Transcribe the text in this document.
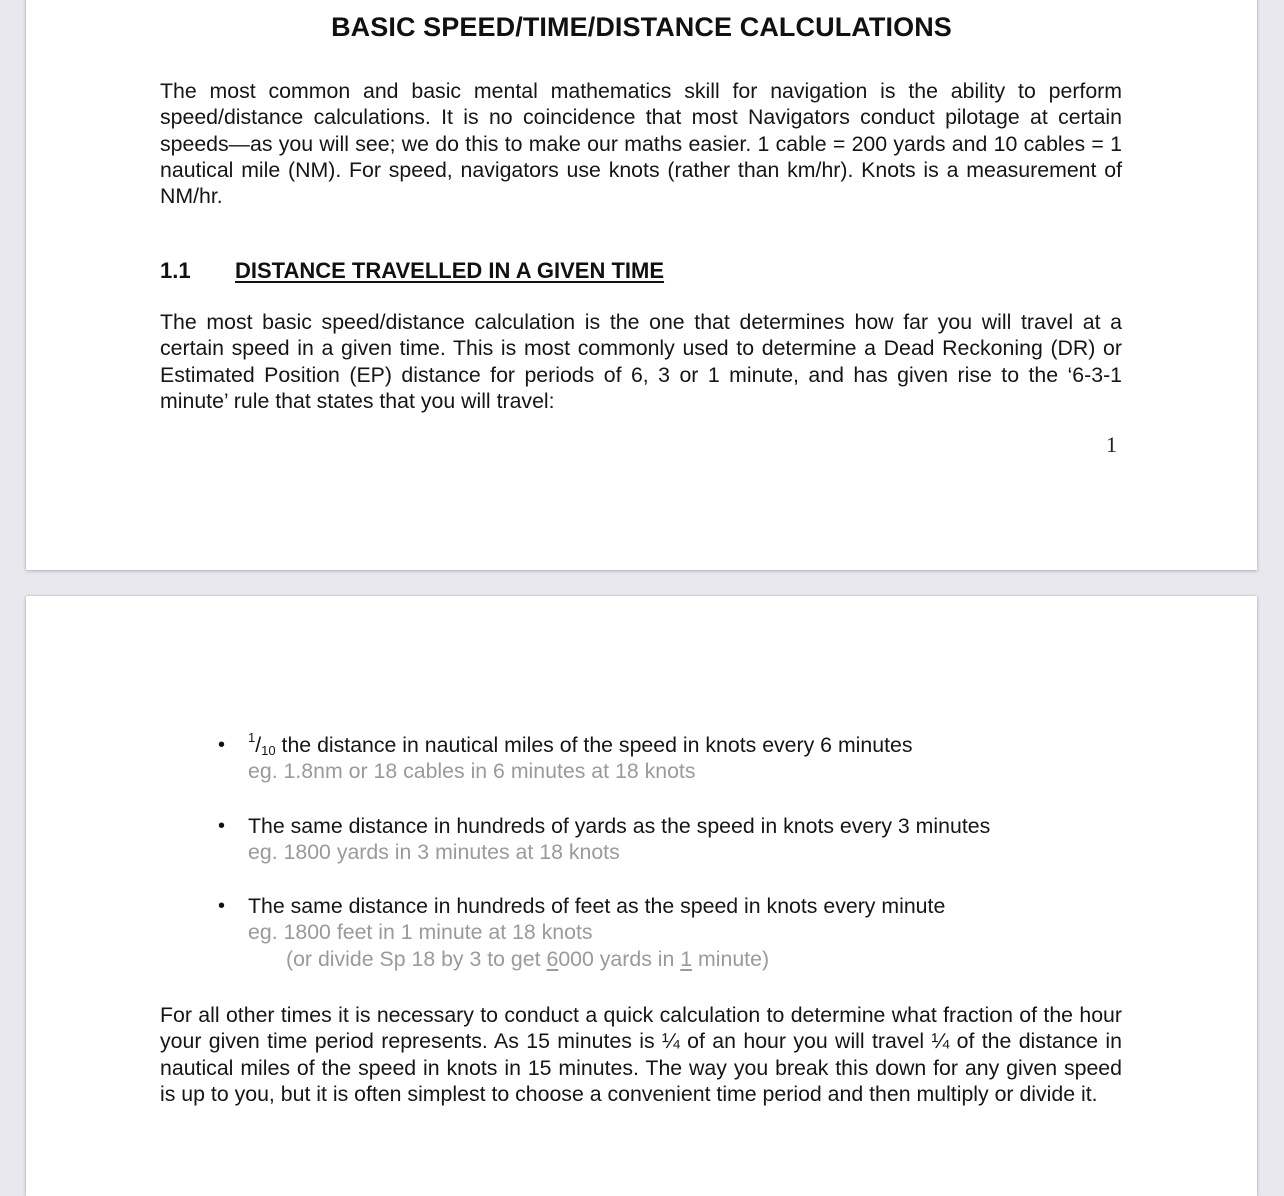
BASIC SPEED/TIME/DISTANCE CALCULATIONS
The most common and basic mental mathematics skill for navigation is the ability to perform speed/distance calculations. It is no coincidence that most Navigators conduct pilotage at certain speeds—as you will see; we do this to make our maths easier. 1 cable = 200 yards and 10 cables = 1 nautical mile (NM). For speed, navigators use knots (rather than km/hr). Knots is a measurement of NM/hr.
1.1 DISTANCE TRAVELLED IN A GIVEN TIME
The most basic speed/distance calculation is the one that determines how far you will travel at a certain speed in a given time. This is most commonly used to determine a Dead Reckoning (DR) or Estimated Position (EP) distance for periods of 6, 3 or 1 minute, and has given rise to the ‘6-3-1 minute’ rule that states that you will travel:
1
• $^1/_{10}$ the distance in nautical miles of the speed in knots every 6 minutes
eg. 1.8nm or 18 cables in 6 minutes at 18 knots
• The same distance in hundreds of yards as the speed in knots every 3 minutes
eg. 1800 yards in 3 minutes at 18 knots
• The same distance in hundreds of feet as the speed in knots every minute
eg. 1800 feet in 1 minute at 18 knots
(or divide Sp 18 by 3 to get 6000 yards in 1 minute)
For all other times it is necessary to conduct a quick calculation to determine what fraction of the hour your given time period represents. As 15 minutes is ¼ of an hour you will travel ¼ of the distance in nautical miles of the speed in knots in 15 minutes. The way you break this down for any given speed is up to you, but it is often simplest to choose a convenient time period and then multiply or divide it.
